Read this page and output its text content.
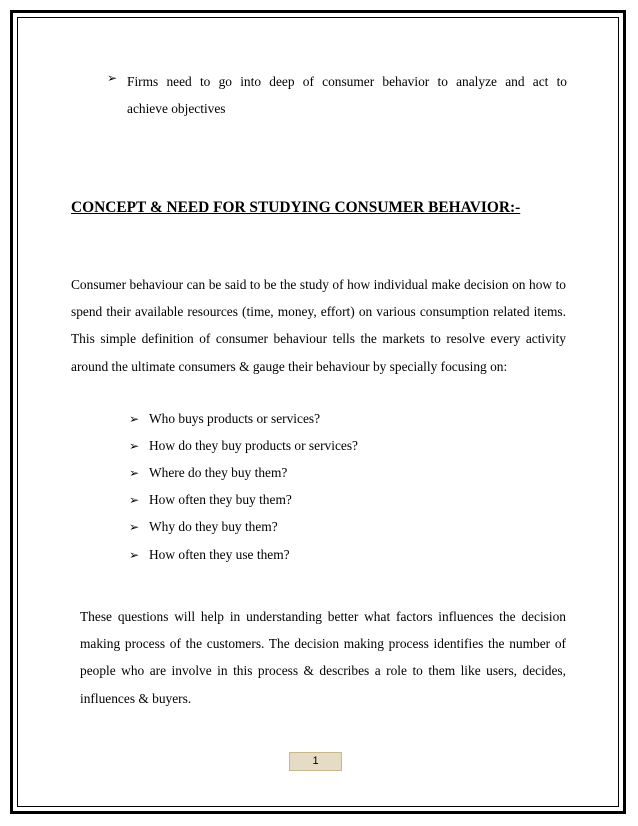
➢ Firms need to go into deep of consumer behavior to analyze and act to
achieve objectives
CONCEPT & NEED FOR STUDYING CONSUMER BEHAVIOR:-
Consumer behaviour can be said to be the study of how individual make decision on how to spend their available resources (time, money, effort) on various consumption related items. This simple definition of consumer behaviour tells the markets to resolve every activity around the ultimate consumers & gauge their behaviour by specially focusing on:
➢ Who buys products or services?
➢ How do they buy products or services?
➢ Where do they buy them?
➢ How often they buy them?
➢ Why do they buy them?
➢ How often they use them?
These questions will help in understanding better what factors influences the decision making process of the customers. The decision making process identifies the number of people who are involve in this process & describes a role to them like users, decides, influences & buyers.
1
